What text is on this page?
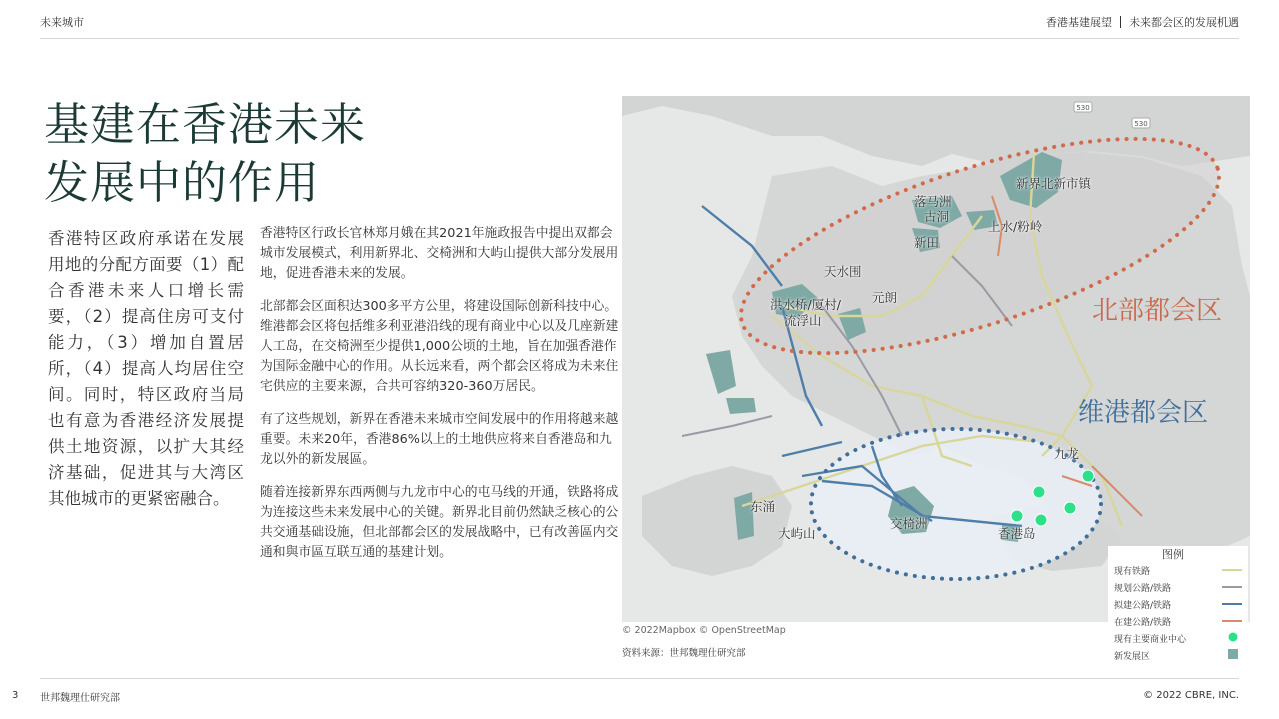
未来城市	香港基建展望 未来都会区的发展机遇
基建在香港未来
发展中的作用

香港特区政府承诺在发展用地的分配方面要（1）配合香港未来人口增长需要，（2）提高住房可支付能力，（3）增加自置居所，（4）提高人均居住空间。同时，特区政府当局也有意为香港经济发展提供土地资源，以扩大其经济基础，促进其与大湾区其他城市的更紧密融合。

香港特区行政长官林郑月娥在其2021年施政报告中提出双都会城市发展模式，利用新界北、交椅洲和大屿山提供大部分发展用地，促进香港未来的发展。

北部都会区面积达300多平方公里，将建设国际创新科技中心。维港都会区将包括维多利亚港沿线的现有商业中心以及几座新建人工岛，在交椅洲至少提供1,000公顷的土地，旨在加强香港作为国际金融中心的作用。从长远来看，两个都会区将成为未来住宅供应的主要来源，合共可容纳320-360万居民。

有了这些规划，新界在香港未来城市空间发展中的作用将越来越重要。未来20年，香港86%以上的土地供应将来自香港岛和九龙以外的新发展區。

随着连接新界东西两侧与九龙市中心的屯马线的开通，铁路将成为连接这些未来发展中心的关键。新界北目前仍然缺乏核心的公共交通基础设施，但北部都会区的发展战略中，已有改善區内交通和與市區互联互通的基建计划。

530
530
新界北新市镇
落马洲
古洞
新田
上水/粉岭
天水围
元朗
洪水桥/厦村/
流浮山
九龙
东涌
大屿山
交椅洲
香港岛
北部都会区
维港都会区
图例
现有铁路
规划公路/铁路
拟建公路/铁路
在建公路/铁路
现有主要商业中心
新发展区
© 2022Mapbox © OpenStreetMap
资料来源：世邦魏理仕研究部
3 世邦魏理仕研究部	© 2022 CBRE, INC.
